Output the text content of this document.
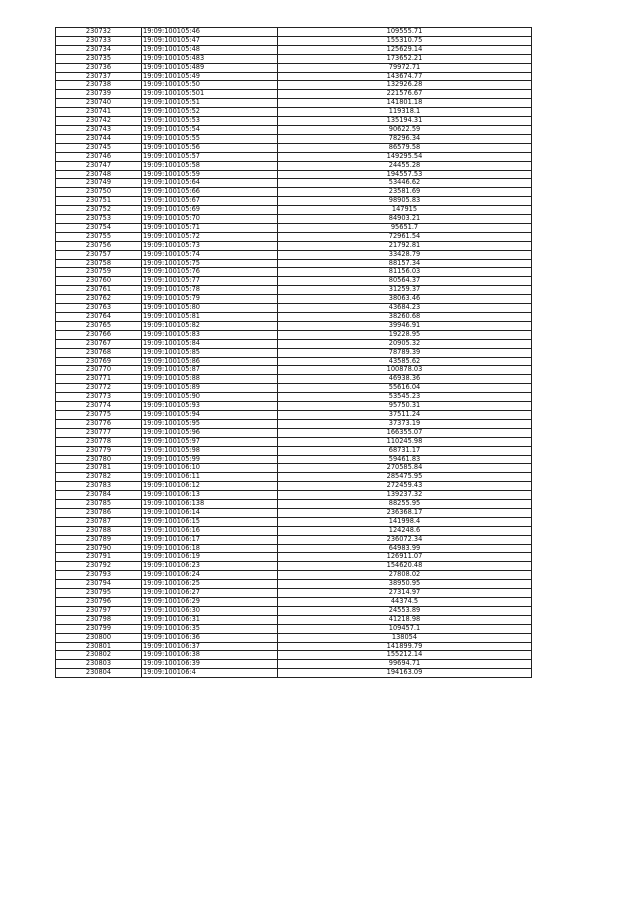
230732	19:09:100105:46	109555.71
230733	19:09:100105:47	155310.75
230734	19:09:100105:48	125629.14
230735	19:09:100105:483	173652.21
230736	19:09:100105:489	79972.71
230737	19:09:100105:49	143674.77
230738	19:09:100105:50	132926.28
230739	19:09:100105:501	221576.67
230740	19:09:100105:51	141801.18
230741	19:09:100105:52	119318.1
230742	19:09:100105:53	135194.31
230743	19:09:100105:54	90622.59
230744	19:09:100105:55	78296.34
230745	19:09:100105:56	86579.58
230746	19:09:100105:57	149295.54
230747	19:09:100105:58	24455.28
230748	19:09:100105:59	194557.53
230749	19:09:100105:64	53446.62
230750	19:09:100105:66	23581.69
230751	19:09:100105:67	98905.83
230752	19:09:100105:69	147915
230753	19:09:100105:70	84903.21
230754	19:09:100105:71	95651.7
230755	19:09:100105:72	72961.54
230756	19:09:100105:73	21792.81
230757	19:09:100105:74	33428.79
230758	19:09:100105:75	88157.34
230759	19:09:100105:76	81156.03
230760	19:09:100105:77	80564.37
230761	19:09:100105:78	31259.37
230762	19:09:100105:79	38063.46
230763	19:09:100105:80	43684.23
230764	19:09:100105:81	38260.68
230765	19:09:100105:82	39946.91
230766	19:09:100105:83	19228.95
230767	19:09:100105:84	20905.32
230768	19:09:100105:85	78789.39
230769	19:09:100105:86	43585.62
230770	19:09:100105:87	100878.03
230771	19:09:100105:88	46938.36
230772	19:09:100105:89	55616.04
230773	19:09:100105:90	53545.23
230774	19:09:100105:93	95750.31
230775	19:09:100105:94	37511.24
230776	19:09:100105:95	37373.19
230777	19:09:100105:96	166355.07
230778	19:09:100105:97	110245.98
230779	19:09:100105:98	68731.17
230780	19:09:100105:99	59461.83
230781	19:09:100106:10	270585.84
230782	19:09:100106:11	285475.95
230783	19:09:100106:12	272459.43
230784	19:09:100106:13	139237.32
230785	19:09:100106:138	88255.95
230786	19:09:100106:14	236368.17
230787	19:09:100106:15	141998.4
230788	19:09:100106:16	124248.6
230789	19:09:100106:17	236072.34
230790	19:09:100106:18	64983.99
230791	19:09:100106:19	126911.07
230792	19:09:100106:23	154620.48
230793	19:09:100106:24	27808.02
230794	19:09:100106:25	38950.95
230795	19:09:100106:27	27314.97
230796	19:09:100106:29	44374.5
230797	19:09:100106:30	24553.89
230798	19:09:100106:31	41218.98
230799	19:09:100106:35	109457.1
230800	19:09:100106:36	138054
230801	19:09:100106:37	141899.79
230802	19:09:100106:38	155212.14
230803	19:09:100106:39	99694.71
230804	19:09:100106:4	194163.09
